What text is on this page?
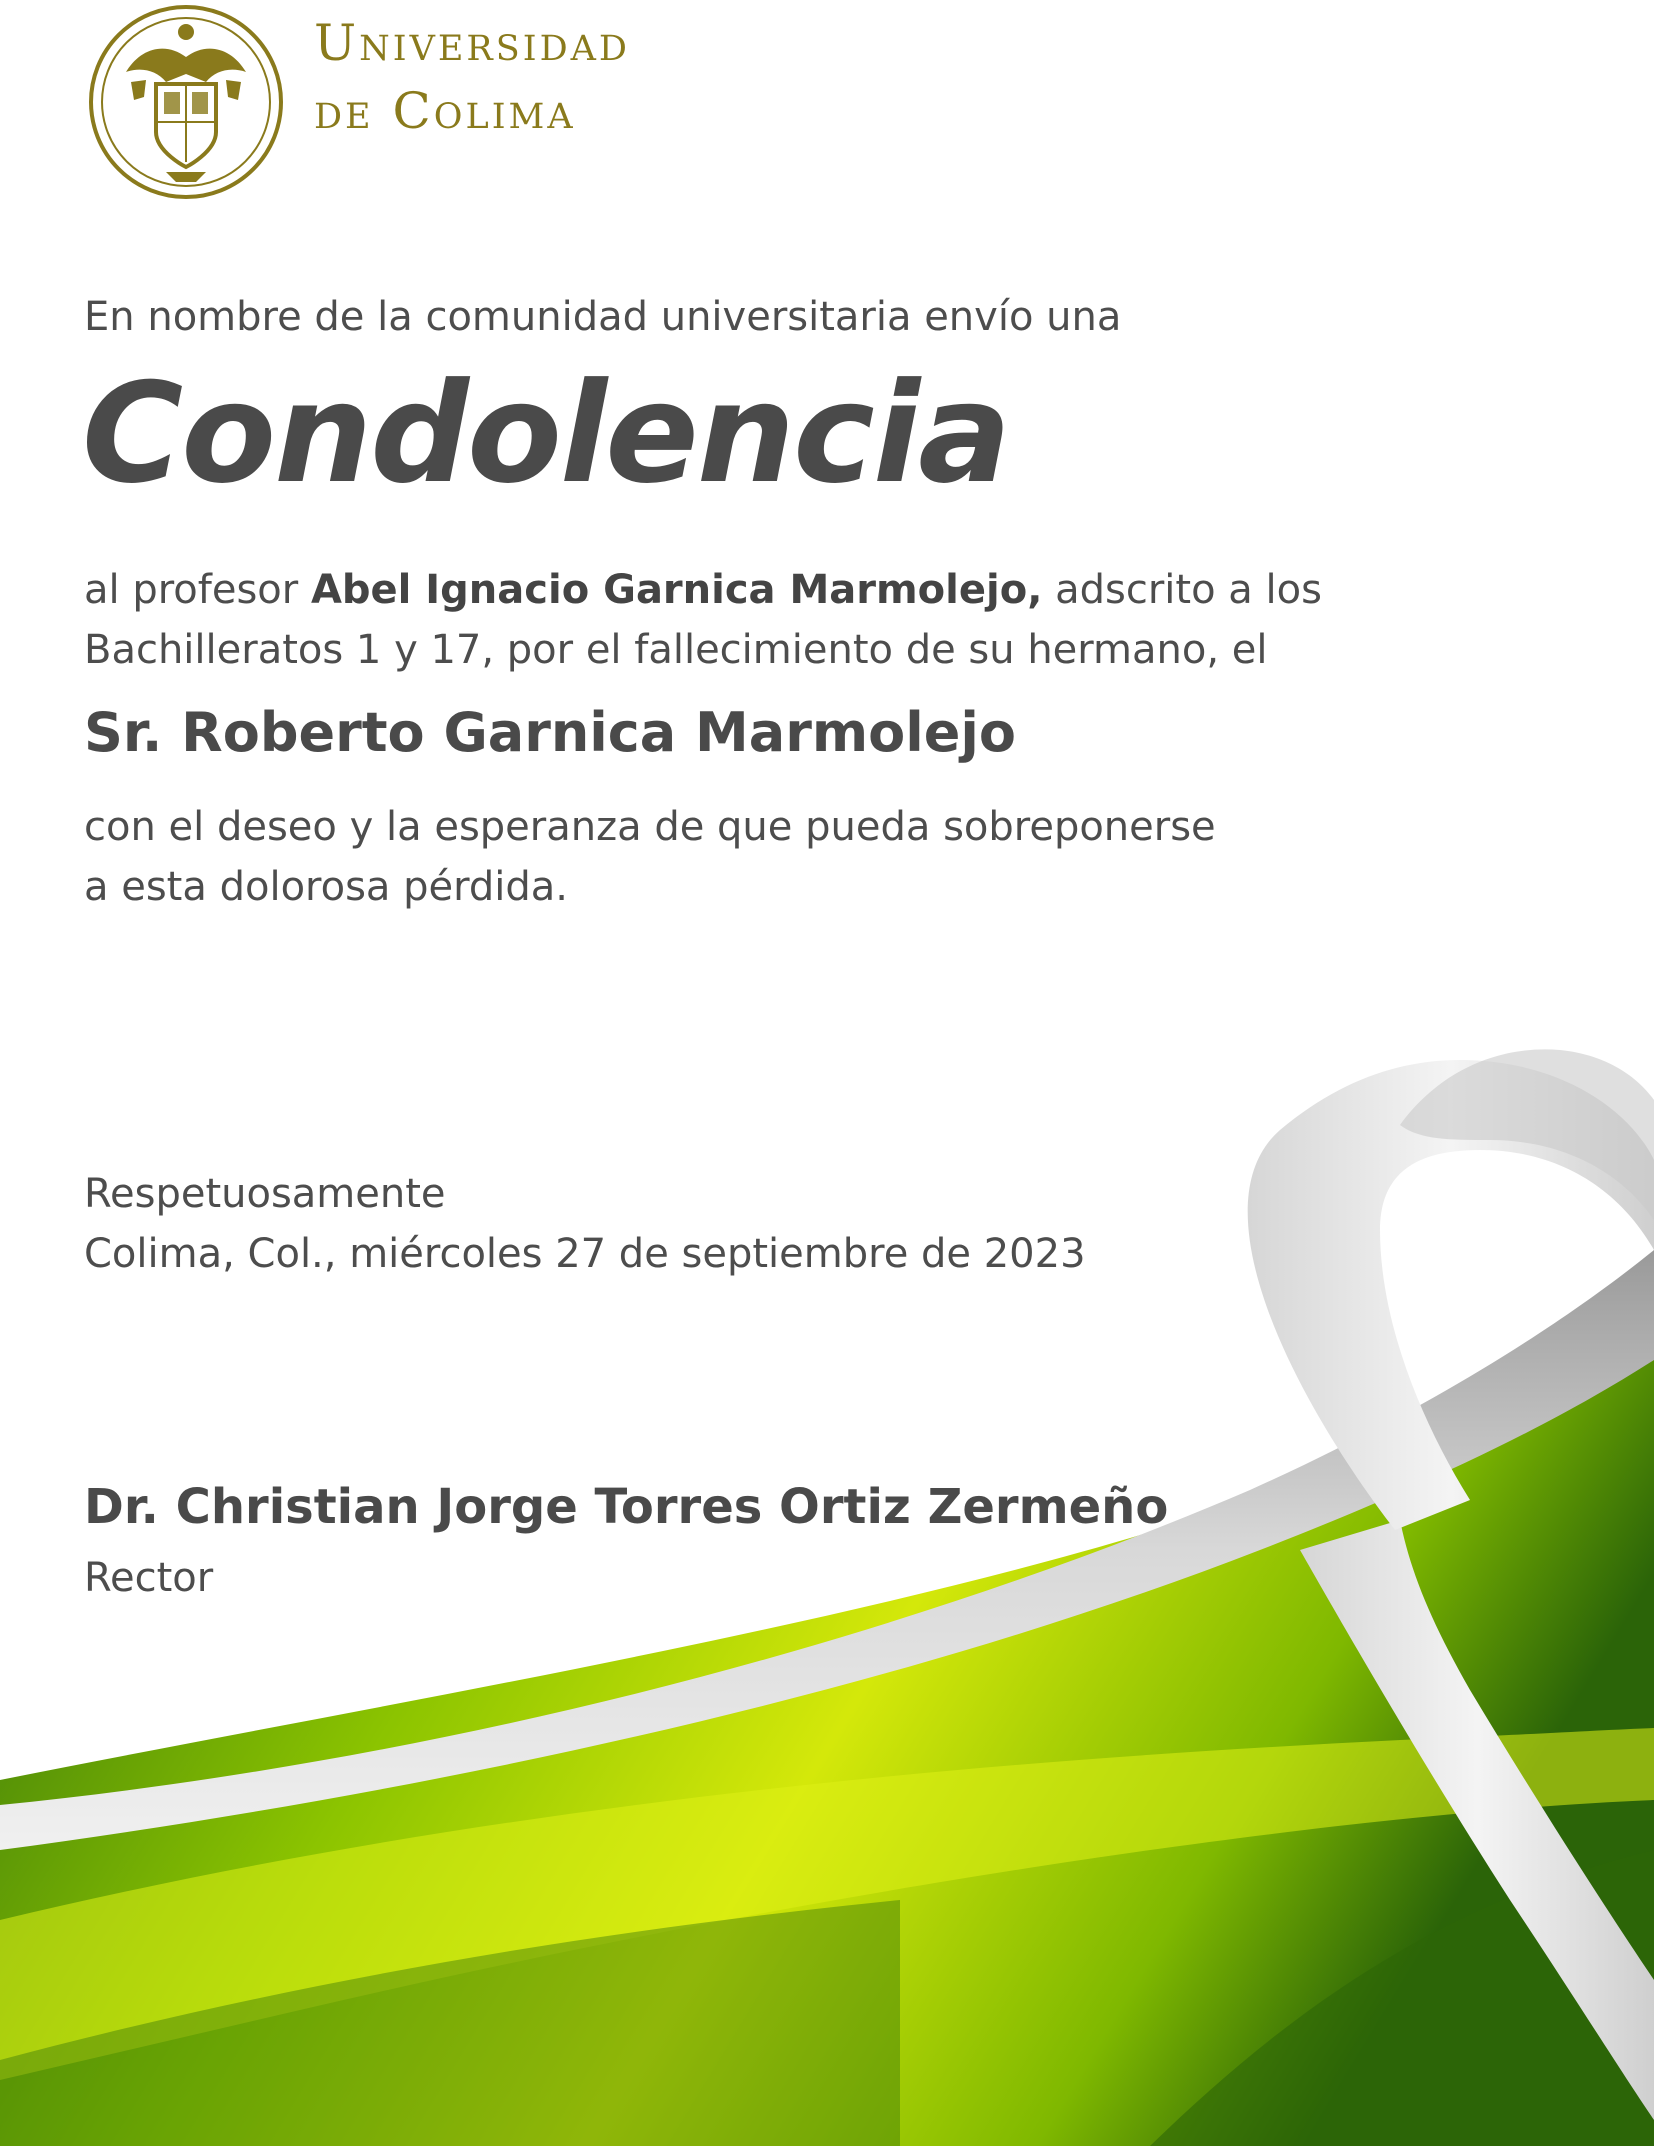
Universidad
de Colima
En nombre de la comunidad universitaria envío una
Condolencia
al profesor Abel Ignacio Garnica Marmolejo, adscrito a los
Bachilleratos 1 y 17, por el fallecimiento de su hermano, el
Sr. Roberto Garnica Marmolejo
con el deseo y la esperanza de que pueda sobreponerse
a esta dolorosa pérdida.
Respetuosamente
Colima, Col., miércoles 27 de septiembre de 2023
Dr. Christian Jorge Torres Ortiz Zermeño
Rector
